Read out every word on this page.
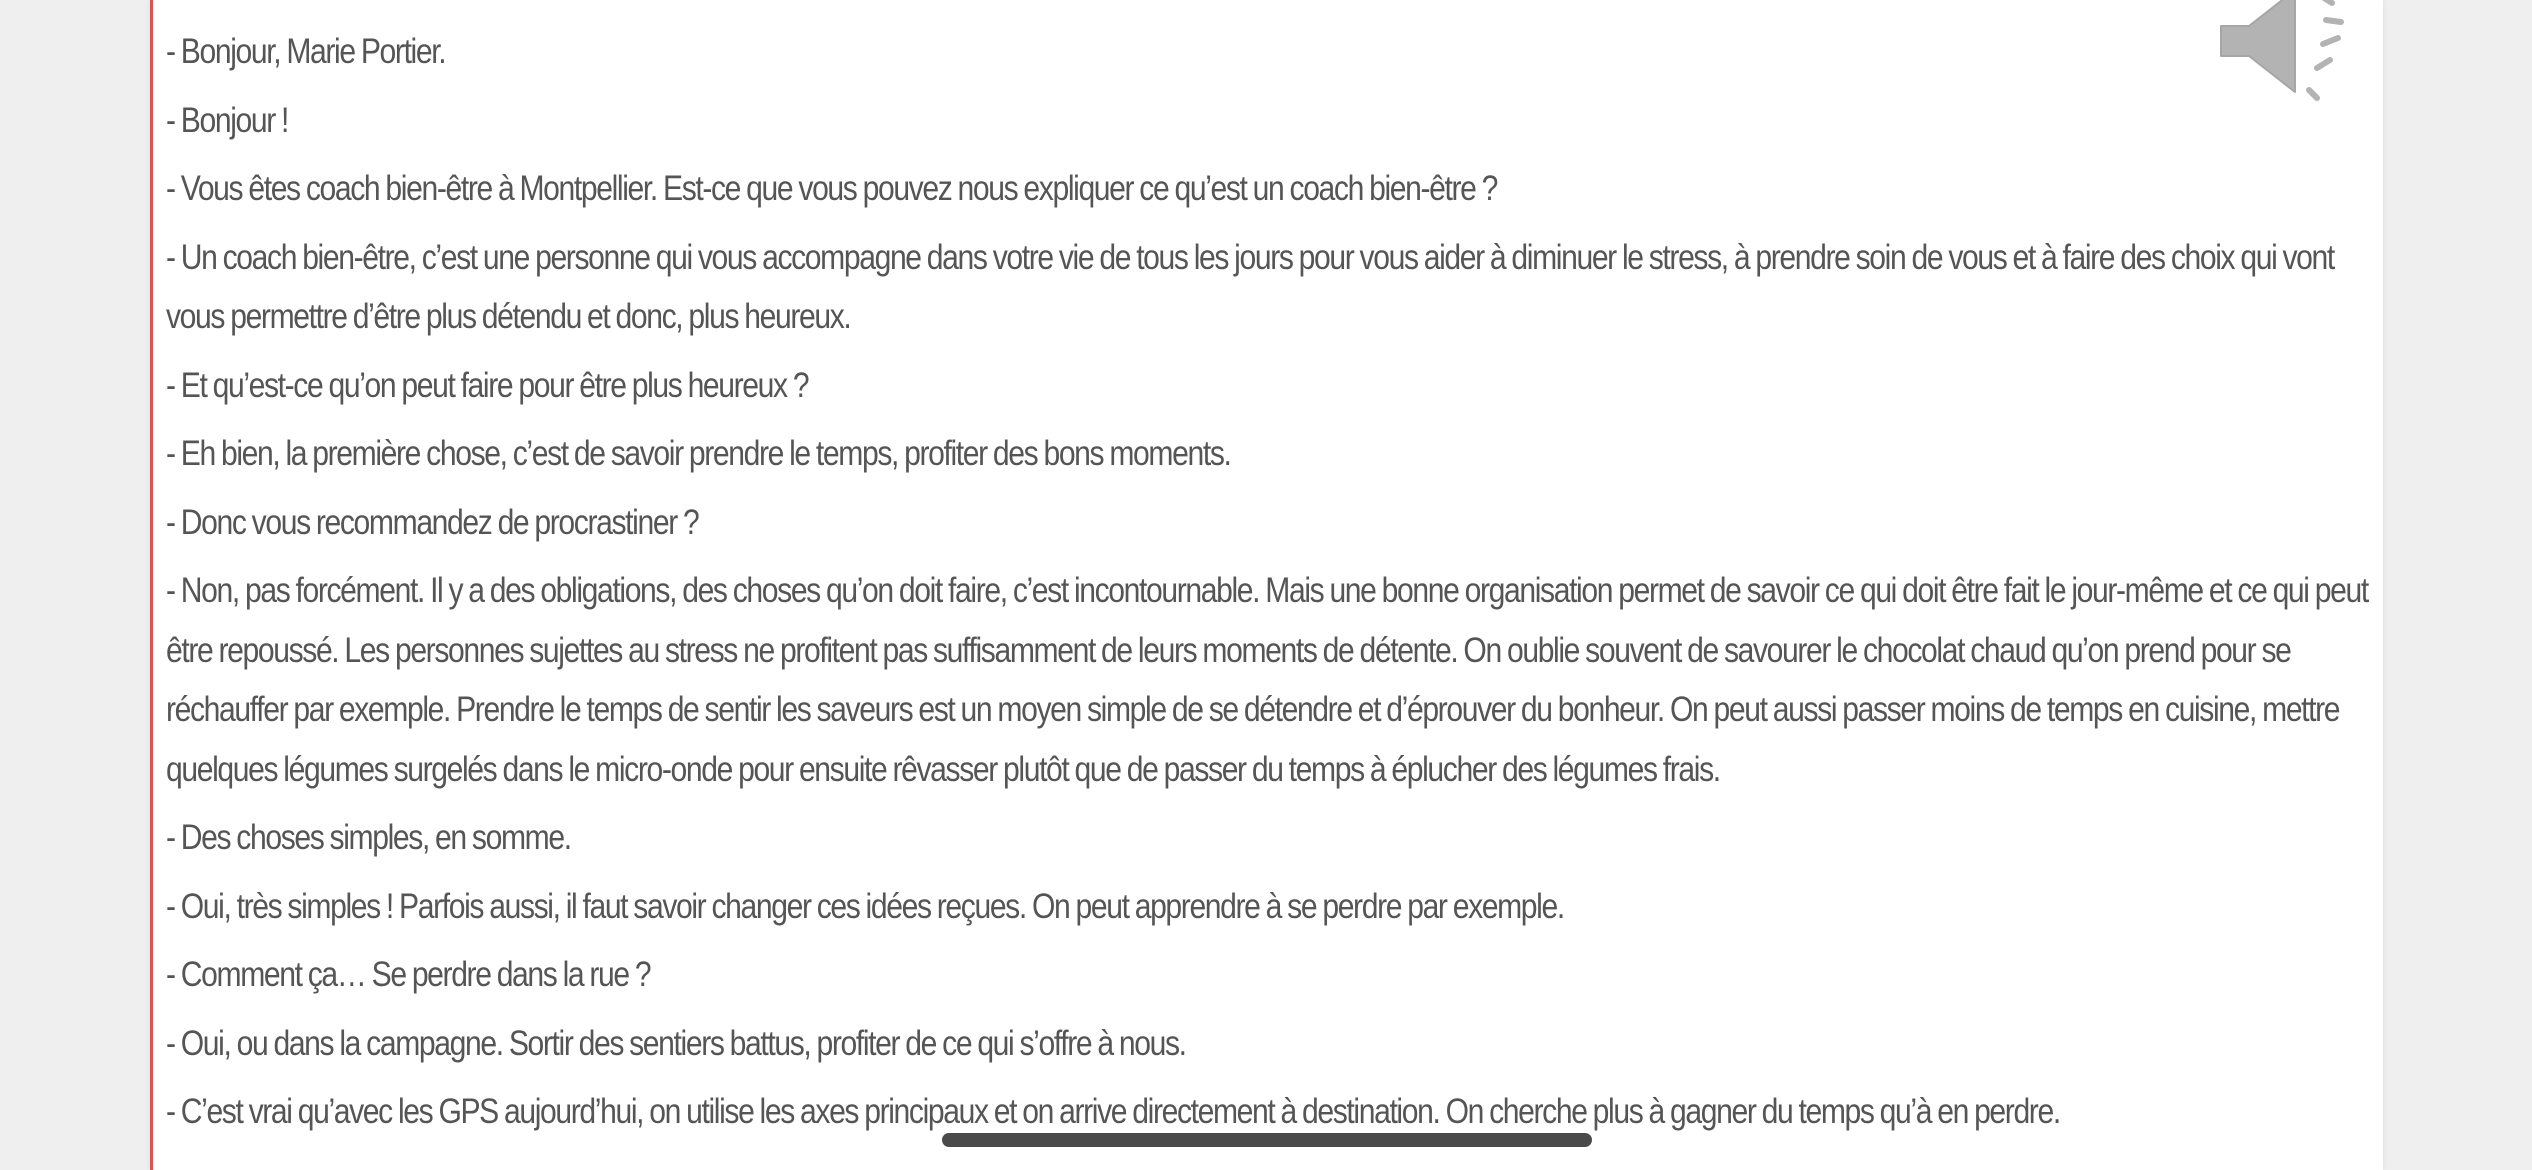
- Bonjour, Marie Portier.
- Bonjour !
- Vous êtes coach bien-être à Montpellier. Est-ce que vous pouvez nous expliquer ce qu’est un coach bien-être ?
- Un coach bien-être, c’est une personne qui vous accompagne dans votre vie de tous les jours pour vous aider à diminuer le stress, à prendre soin de vous et à faire des choix qui vont vous permettre d’être plus détendu et donc, plus heureux.
- Et qu’est-ce qu’on peut faire pour être plus heureux ?
- Eh bien, la première chose, c’est de savoir prendre le temps, profiter des bons moments.
- Donc vous recommandez de procrastiner ?
- Non, pas forcément. Il y a des obligations, des choses qu’on doit faire, c’est incontournable. Mais une bonne organisation permet de savoir ce qui doit être fait le jour-même et ce qui peut être repoussé. Les personnes sujettes au stress ne profitent pas suffisamment de leurs moments de détente. On oublie souvent de savourer le chocolat chaud qu’on prend pour se réchauffer par exemple. Prendre le temps de sentir les saveurs est un moyen simple de se détendre et d’éprouver du bonheur. On peut aussi passer moins de temps en cuisine, mettre quelques légumes surgelés dans le micro-onde pour ensuite rêvasser plutôt que de passer du temps à éplucher des légumes frais.
- Des choses simples, en somme.
- Oui, très simples ! Parfois aussi, il faut savoir changer ces idées reçues. On peut apprendre à se perdre par exemple.
- Comment ça… Se perdre dans la rue ?
- Oui, ou dans la campagne. Sortir des sentiers battus, profiter de ce qui s’offre à nous.
- C’est vrai qu’avec les GPS aujourd’hui, on utilise les axes principaux et on arrive directement à destination. On cherche plus à gagner du temps qu’à en perdre.
